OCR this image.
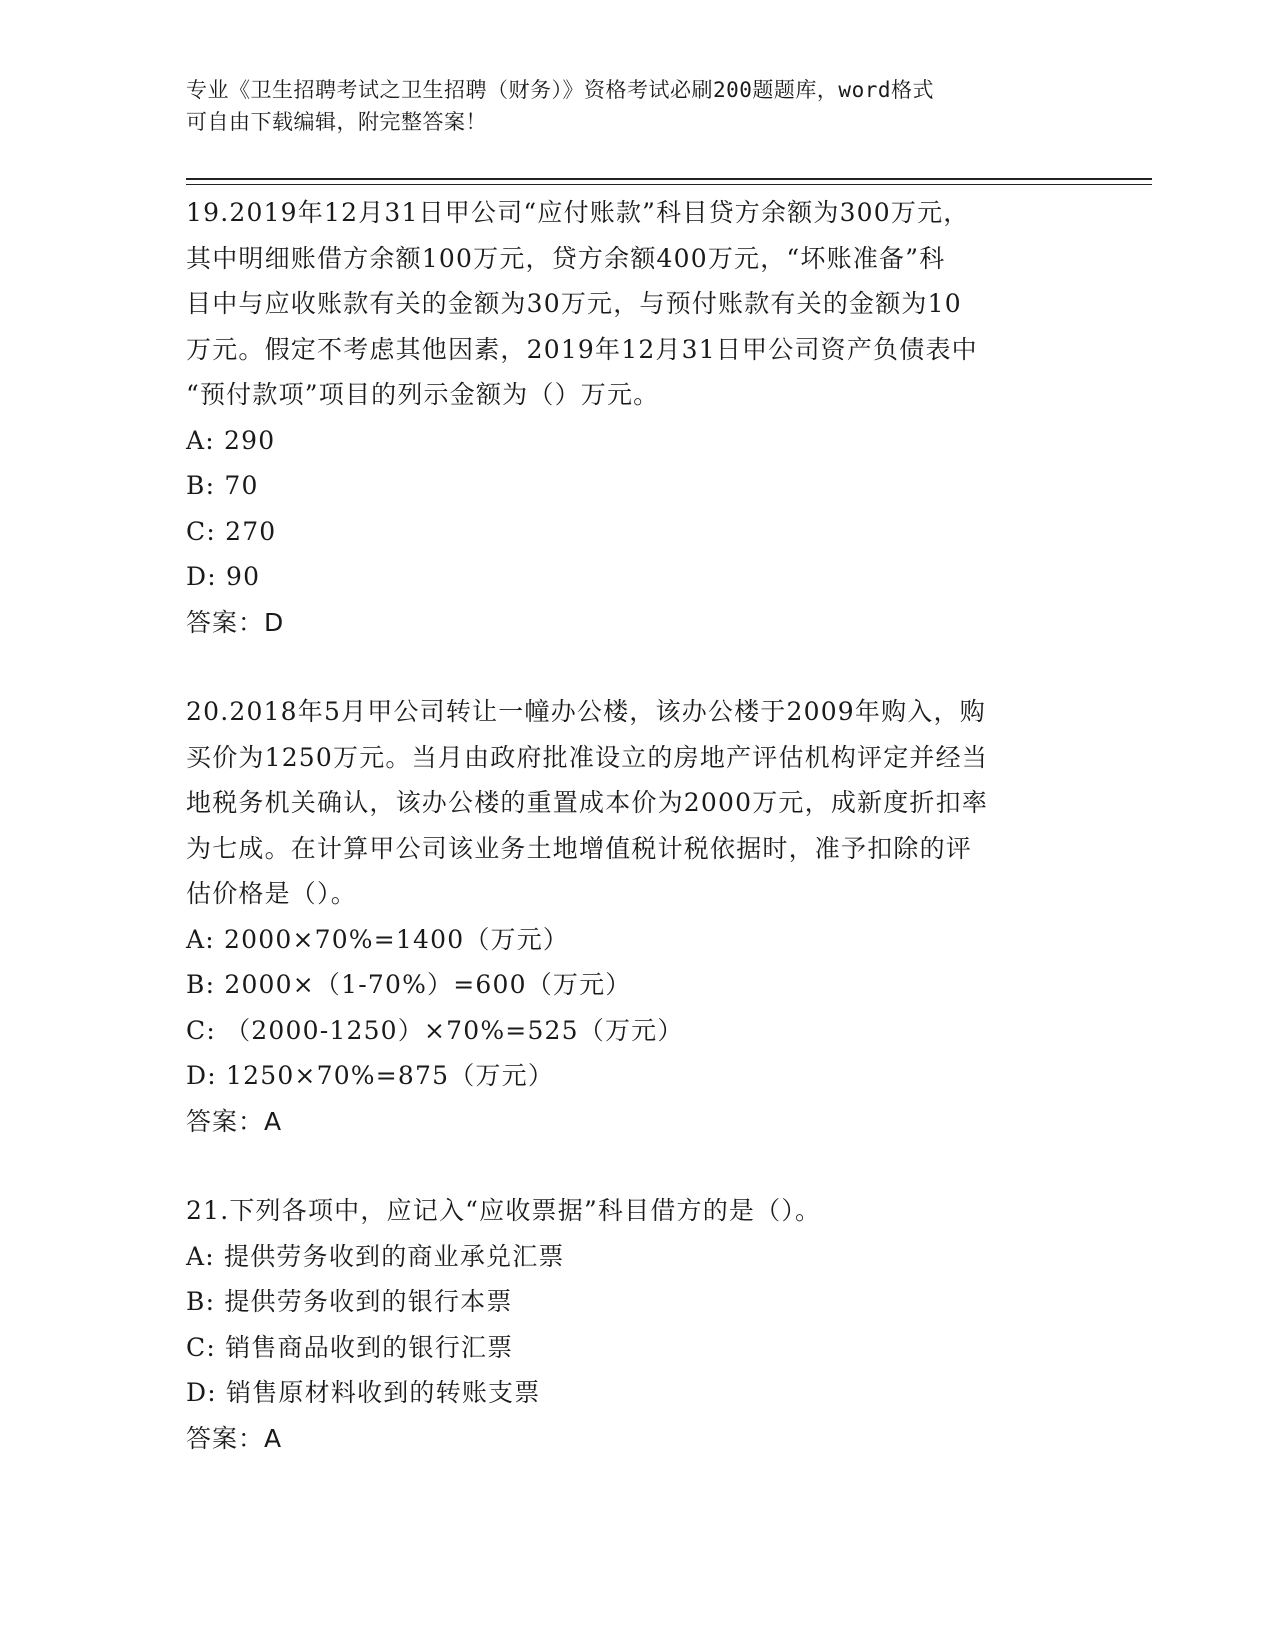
专业《卫生招聘考试之卫生招聘（财务）》资格考试必刷200题题库，word格式
可自由下载编辑，附完整答案！
19.2019年12月31日甲公司“应付账款”科目贷方余额为300万元，
其中明细账借方余额100万元，贷方余额400万元，“坏账准备”科
目中与应收账款有关的金额为30万元，与预付账款有关的金额为10
万元。假定不考虑其他因素，2019年12月31日甲公司资产负债表中
“预付款项”项目的列示金额为（）万元。
A: 290
B: 70
C: 270
D: 90
答案：D
20.2018年5月甲公司转让一幢办公楼，该办公楼于2009年购入，购
买价为1250万元。当月由政府批准设立的房地产评估机构评定并经当
地税务机关确认，该办公楼的重置成本价为2000万元，成新度折扣率
为七成。在计算甲公司该业务土地增值税计税依据时，准予扣除的评
估价格是（）。
A: 2000×70%=1400（万元）
B: 2000×（1-70%）=600（万元）
C: （2000-1250）×70%=525（万元）
D: 1250×70%=875（万元）
答案：A
21.下列各项中，应记入“应收票据”科目借方的是（）。
A: 提供劳务收到的商业承兑汇票
B: 提供劳务收到的银行本票
C: 销售商品收到的银行汇票
D: 销售原材料收到的转账支票
答案：A
